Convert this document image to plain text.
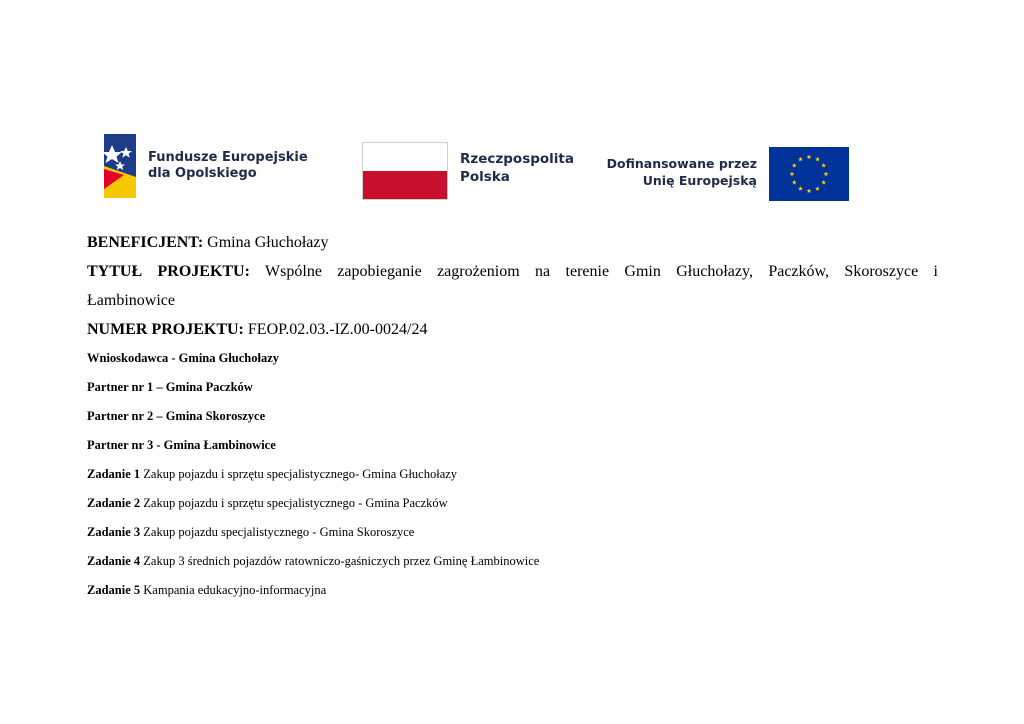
Fundusze Europejskie
dla Opolskiego
Rzeczpospolita
Polska
Dofinansowane przez
Unię Europejską

BENEFICJENT: Gmina Głuchołazy

TYTUŁ PROJEKTU: Wspólne zapobieganie zagrożeniom na terenie Gmin Głuchołazy, Paczków, Skoroszyce i

Łambinowice

NUMER PROJEKTU: FEOP.02.03.-IZ.00-0024/24

Wnioskodawca - Gmina Głuchołazy

Partner nr 1 – Gmina Paczków

Partner nr 2 – Gmina Skoroszyce

Partner nr 3 - Gmina Łambinowice

Zadanie 1 Zakup pojazdu i sprzętu specjalistycznego- Gmina Głuchołazy

Zadanie 2 Zakup pojazdu i sprzętu specjalistycznego - Gmina Paczków

Zadanie 3 Zakup pojazdu specjalistycznego - Gmina Skoroszyce

Zadanie 4 Zakup 3 średnich pojazdów ratowniczo-gaśniczych przez Gminę Łambinowice

Zadanie 5 Kampania edukacyjno-informacyjna
